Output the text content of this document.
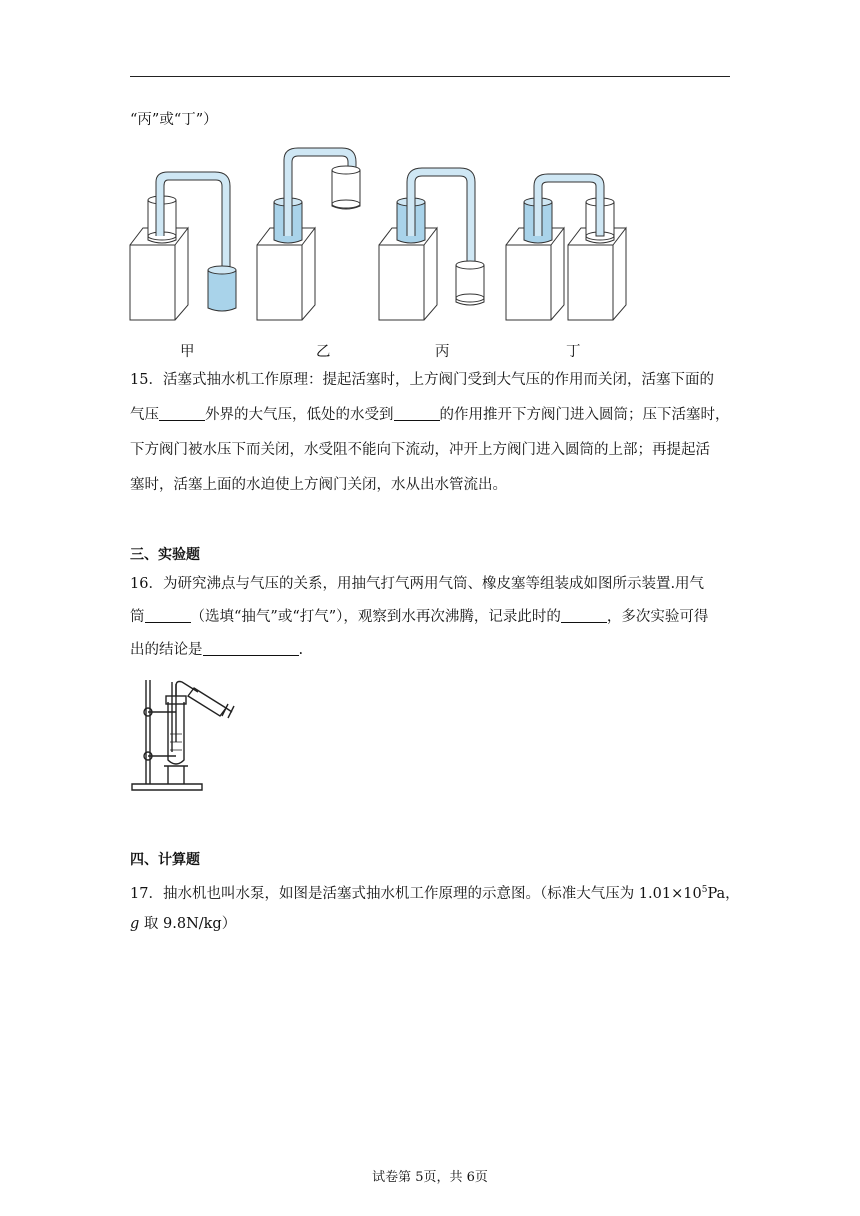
“丙”或“丁”）
甲	乙	丙	丁
15．活塞式抽水机工作原理：提起活塞时，上方阀门受到大气压的作用而关闭，活塞下面的
气压	外界的大气压，低处的水受到	的作用推开下方阀门进入圆筒；压下活塞时，
下方阀门被水压下而关闭，水受阻不能向下流动，冲开上方阀门进入圆筒的上部；再提起活
塞时，活塞上面的水迫使上方阀门关闭，水从出水管流出。
三、实验题
16．为研究沸点与气压的关系，用抽气打气两用气筒、橡皮塞等组装成如图所示装置.用气
筒	（选填“抽气”或“打气”），观察到水再次沸腾，记录此时的	，多次实验可得
出的结论是	.
四、计算题
17．抽水机也叫水泵，如图是活塞式抽水机工作原理的示意图。（标准大气压为 $1.01\times 10^5Pa$，
g 取 9.8N/kg）
试卷第 5页，共 6页
